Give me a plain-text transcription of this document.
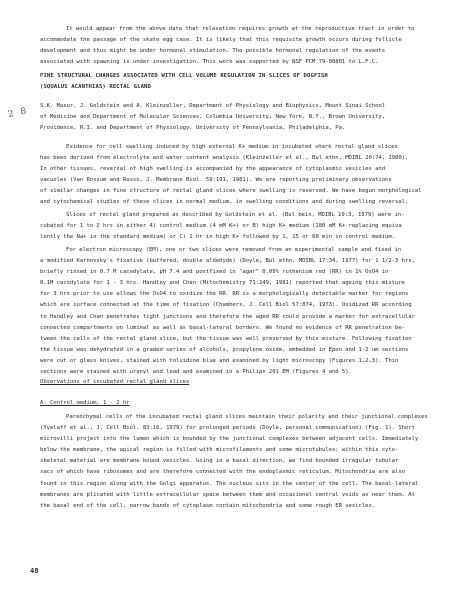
2 8
It would appear from the above data that relaxation requires growth at the reproductive tract in order to
accommodate the passage of the skate egg case. It is likely that this requisite growth occurs during follicle
development and thus might be under hormonal stimulation. The possible hormonal regulation of the events
associated with spawning is under investigation. This work was supported by NSF PCM 79-08801 to L.F.C.
FINE STRUCTURAL CHANGES ASSOCIATED WITH CELL VOLUME REGULATION IN SLICES OF DOGFISH
(SQUALUS ACANTHIAS) RECTAL GLAND
S.K. Masur, J. Goldstein and A. Kleinzeller, Department of Physiology and Biophysics, Mount Sinai School
of Medicine and Department of Molecular Sciences, Columbia University, New York, N.Y., Brown University,
Providence, R.I. and Department of Physiology, University of Pennsylvania, Philadelphia, Pa.
Evidence for cell swelling induced by high external K+ medium in incubated shark rectal gland slices
has been derived from electrolyte and water content analysis (Kleinzeller et al., Bul ethn, MDIBL 20:74, 1980).
In other tissues, reversal of high swelling is accompanied by the appearance of cytoplasmic vesicles and
vacuoles (Van Rossum and Russo, J. Membrane Biol. 59:191, 1981). We are reporting preliminary observations
of similar changes in fine structure of rectal gland slices where swelling is reversed. We have begun morphological
and cytochemical studies of these slices in normal medium, in swelling conditions and during swelling reversal.
Slices of rectal gland prepared as described by Goldstein et al. (Bul bein, MDIBL 19:3, 1979) were in-
cubated for 1 to 2 hrs in either 4) control medium (4 mM K+) or B) high K+ medium (280 mM K+ replacing equiva
lently the Na+ in the standard medium) or C) 1 hr in high K+ followed by 1, 15 or 60 min in control medium.
For electron microscopy (EM), one or two slices were removed from an experimental sample and fixed in
a modified Karnovsky's fixative (buffered, double aldehyde) (Doyle, Bul ethn, MDIBL 17:34, 1977) for 1 1/2-3 hrs,
briefly rinsed in 0.7 M cacodylate, pH 7.4 and postfixed in "agar" 0.05% ruthenium red (RR) in 1% OsO4 in
0.1M cacodylate for 1 - 3 hrs. Handley and Chan (Mitochemistry 71:249, 1981) reported that ageing this mixture
for 3 hrs prior to use allows the OsO4 to oxidize the RR. RR is a morphologically detectable marker for regions
which are surface connected at the time of fixation (Chambers, J. Cell Biol 57:874, 1973). Oxidized RR according
to Handley and Chan penetrates tight junctions and therefore the aged RR could provide a marker for extracellular
connected compartments on luminal as well as basal-lateral borders. We found no evidence of RR penetration be-
tween the cells of the rectal gland slice, but the tissue was well preserved by this mixture. Following fixation
the tissue was dehydrated in a graded series of alcohols, propylene oxide, embedded in Epon and 1-2 um sections
were cut or glass knives, stained with toluidine blue and examined by light microscopy (Figures 1,2,3). Thin
sections were stained with uranyl and lead and examined in a Philips 201 EM (Figures 4 and 5).
Observations of incubated rectal gland slices
A. Control medium, 1 - 2 hr
Parenchymal cells of the incubated rectal gland slices maintain their polarity and their junctional complexes
(Yvelaff et al., J. Cell Biol. 83:16, 1979) for prolonged periods (Doyle, personal communication) (Fig. 1). Short
microvilli project into the lumen which is bounded by the junctional complexes between adjacent cells. Immediately
below the membrane, the apical region is filled with microfilaments and some microtubules; within this cyto-
skeletal material are membrane bound vesicles. Going in a basal direction, we find bounded irregular tubular
sacs of which have ribosomes and are therefore connected with the endoplasmic reticulum. Mitochondria are also
found in this region along with the Golgi apparatus. The nucleus sits in the center of the cell. The basal-lateral
membranes are plicated with little extracellular space between them and occasional central voids as near them. At
the basal end of the cell, narrow bands of cytoplasm contain mitochondria and some rough ER vesicles.
48
